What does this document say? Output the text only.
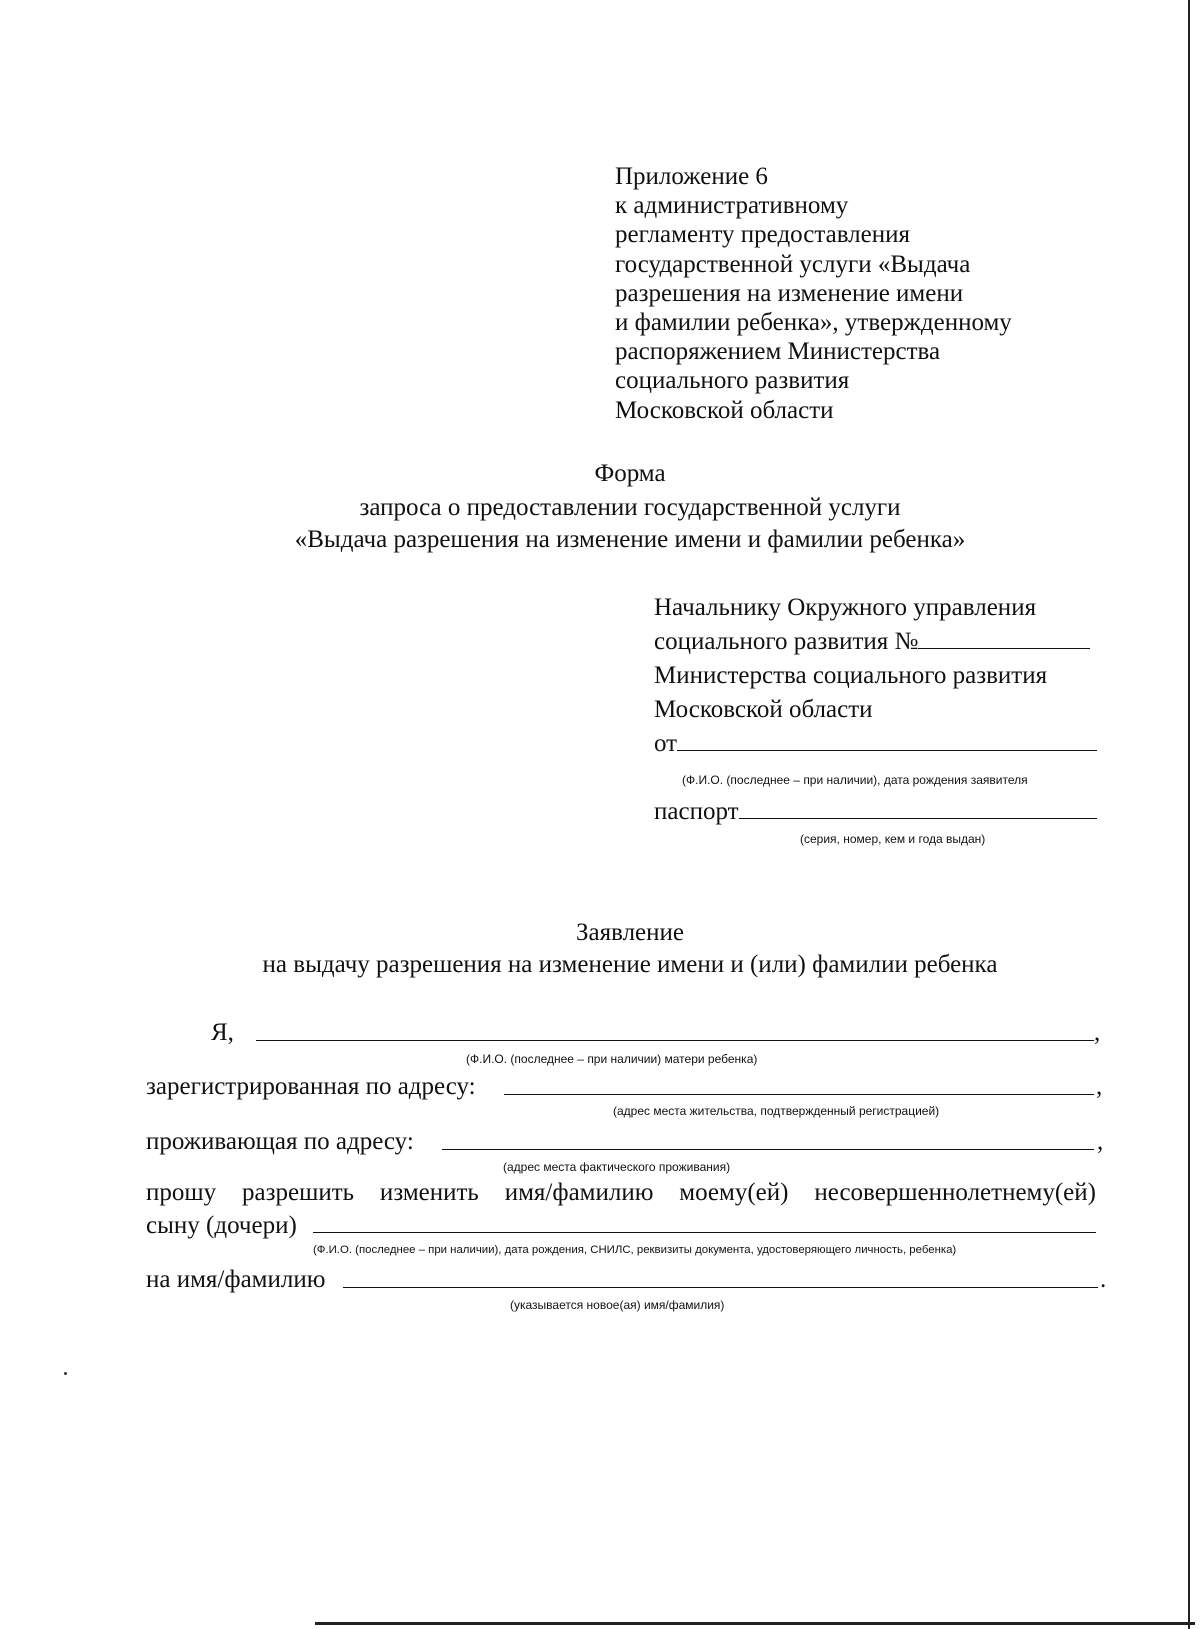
Приложение 6
к административному
регламенту предоставления
государственной услуги «Выдача
разрешения на изменение имени
и фамилии ребенка», утвержденному
распоряжением Министерства
социального развития
Московской области
Форма
запроса о предоставлении государственной услуги
«Выдача разрешения на изменение имени и фамилии ребенка»
Начальнику Окружного управления
социального развития №
Министерства социального развития
Московской области
от
(Ф.И.О. (последнее – при наличии), дата рождения заявителя
паспорт
(серия, номер, кем и года выдан)
Заявление
на выдачу разрешения на изменение имени и (или) фамилии ребенка
Я,	,
(Ф.И.О. (последнее – при наличии) матери ребенка)
зарегистрированная по адресу:	,
(адрес места жительства, подтвержденный регистрацией)
проживающая по адресу:	,
(адрес места фактического проживания)
прошу разрешить изменить имя/фамилию моему(ей) несовершеннолетнему(ей)
сыну (дочери)
(Ф.И.О. (последнее – при наличии), дата рождения, СНИЛС, реквизиты документа, удостоверяющего личность, ребенка)
на имя/фамилию	.
(указывается новое(ая) имя/фамилия)
